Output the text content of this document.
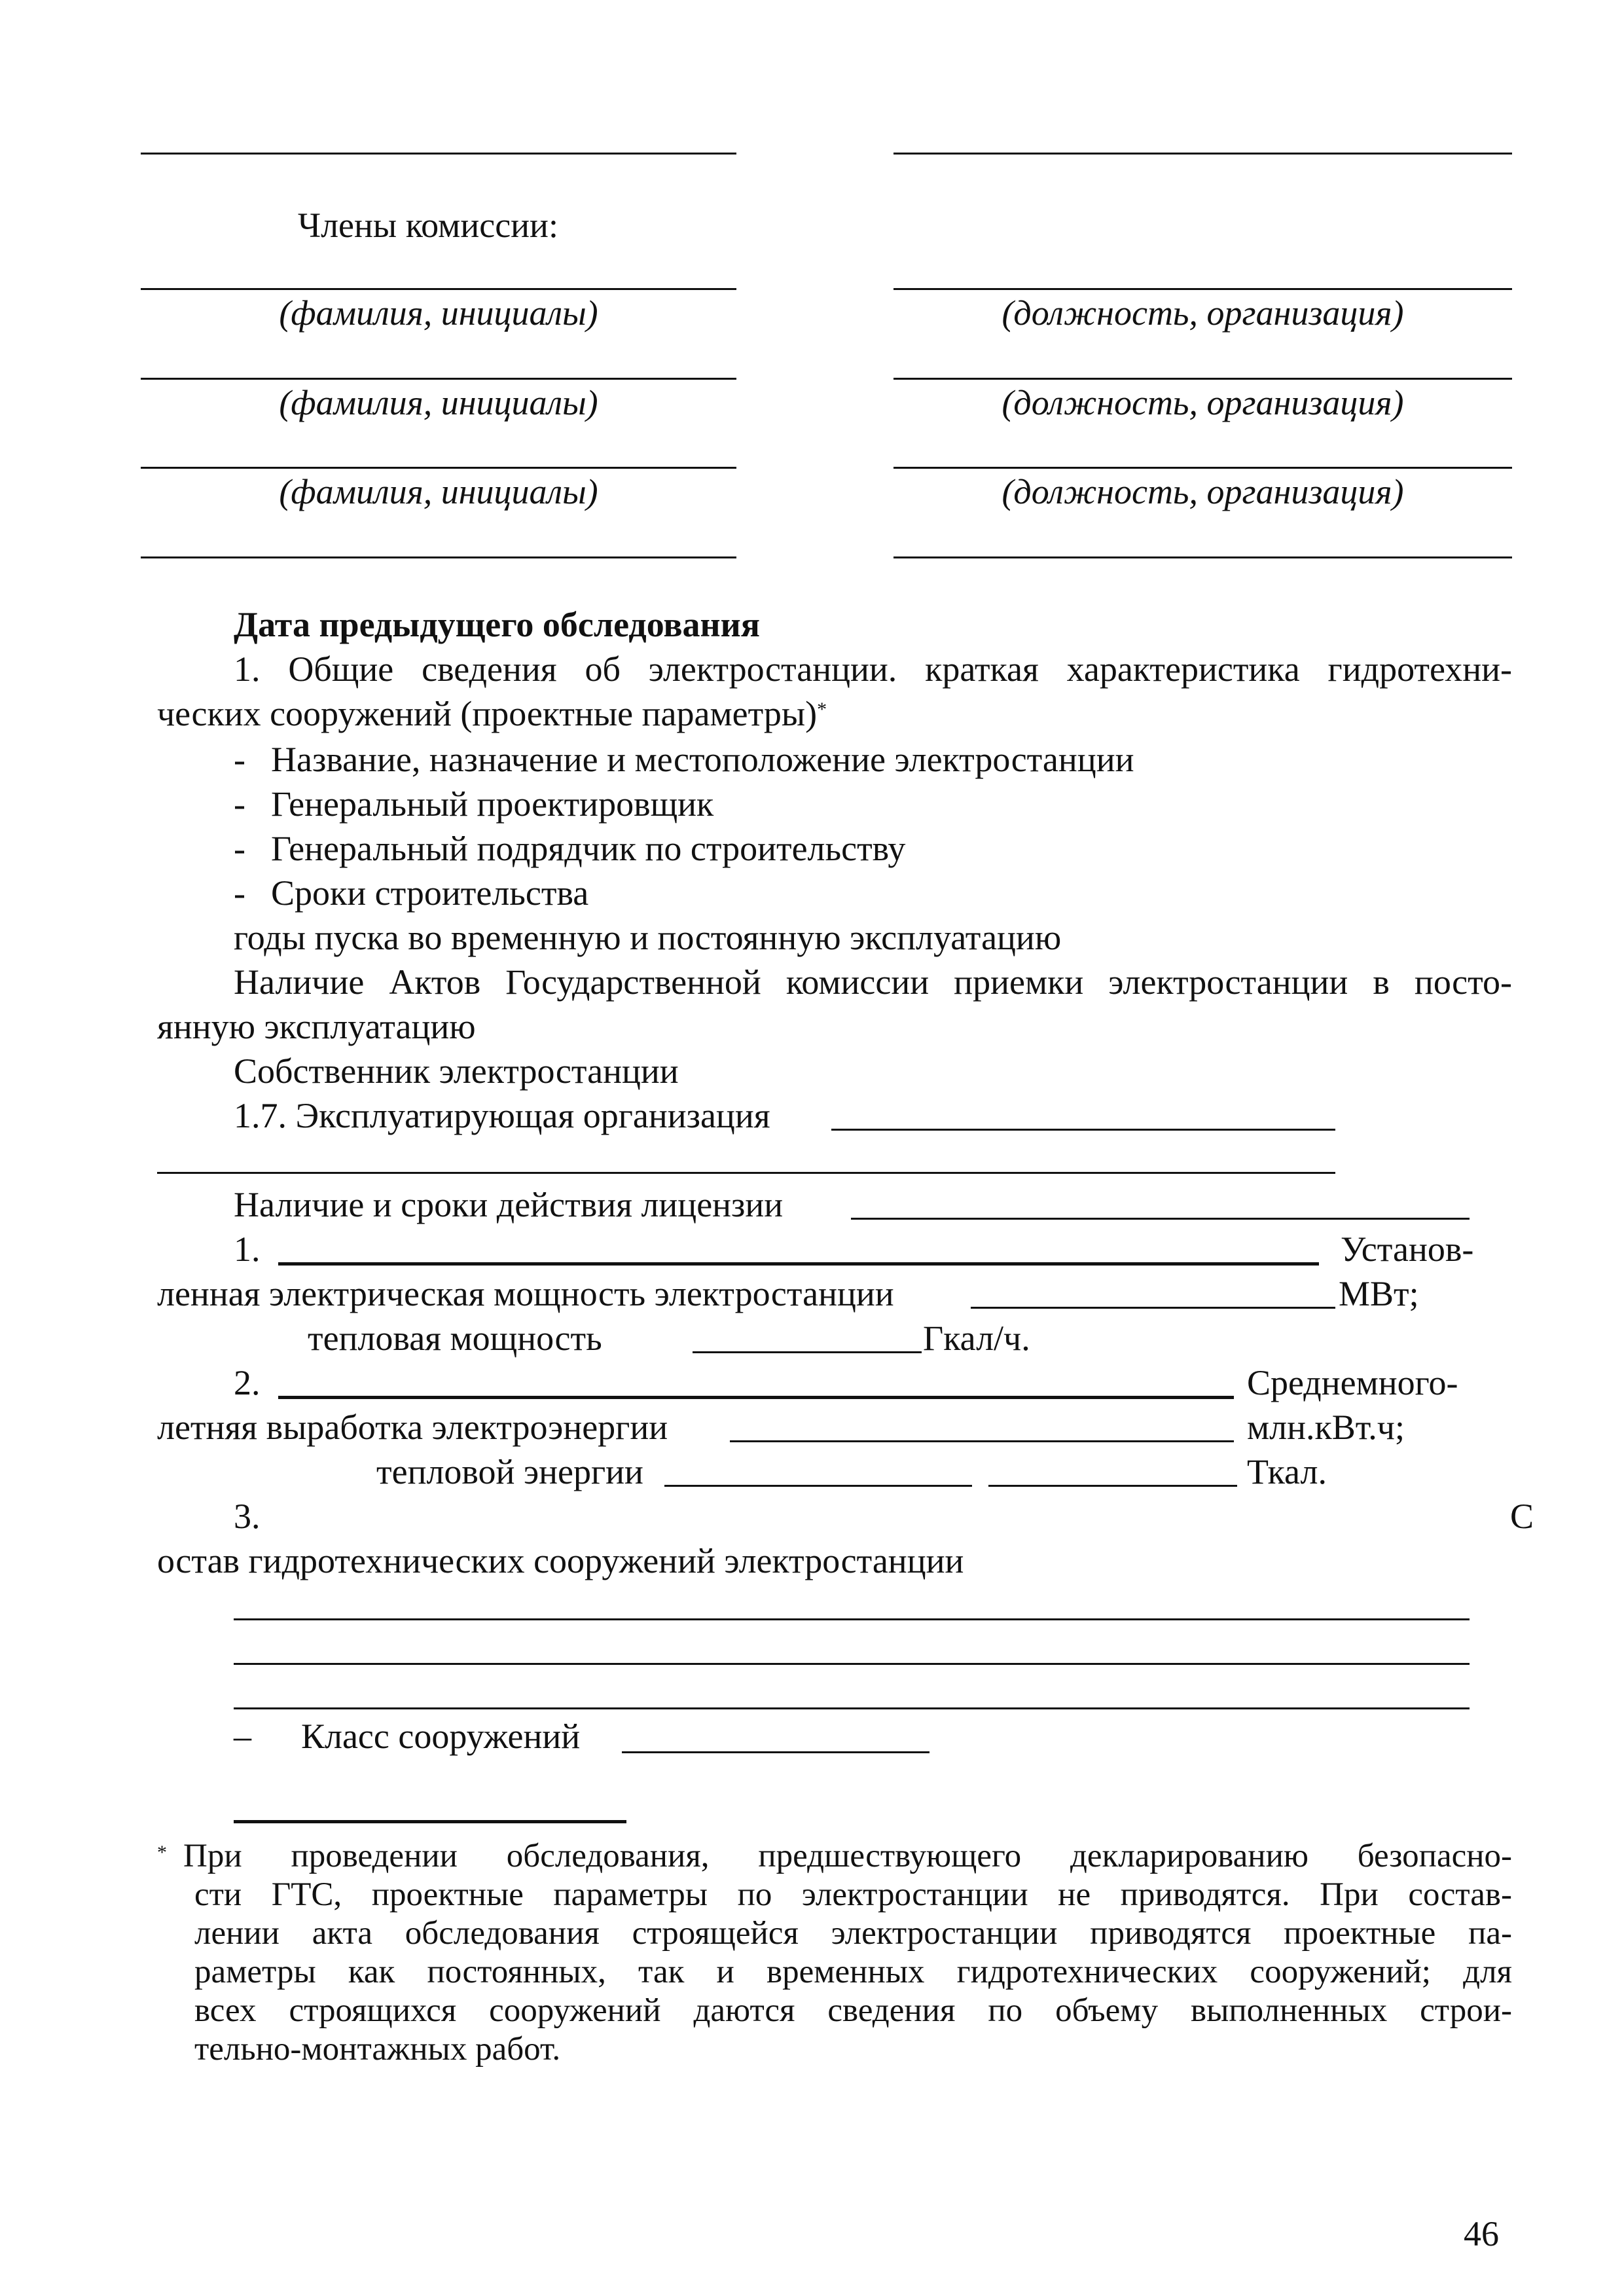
Члены комиссии:
(фамилия, инициалы)	(должность, организация)
(фамилия, инициалы)	(должность, организация)
(фамилия, инициалы)	(должность, организация)
Дата предыдущего обследования
1. Общие сведения об электростанции. краткая характеристика гидротехни-
ческих сооружений (проектные параметры)*
- Название, назначение и местоположение электростанции
- Генеральный проектировщик
- Генеральный подрядчик по строительству
- Сроки строительства
годы пуска во временную и постоянную эксплуатацию
Наличие Актов Государственной комиссии приемки электростанции в посто-
янную эксплуатацию
Собственник электростанции
1.7. Эксплуатирующая организация
Наличие и сроки действия лицензии
1.	Установ-
ленная электрическая мощность электростанции	МВт;
тепловая мощность	Гкал/ч.
2.	Среднемного-
летняя выработка электроэнергии	млн.кВт.ч;
тепловой энергии	Ткал.
3.	С
остав гидротехнических сооружений электростанции
– Класс сооружений
* При проведении обследования, предшествующего декларированию безопасно-
сти ГТС, проектные параметры по электростанции не приводятся. При состав-
лении акта обследования строящейся электростанции приводятся проектные па-
раметры как постоянных, так и временных гидротехнических сооружений; для
всех строящихся сооружений даются сведения по объему выполненных строи-
тельно-монтажных работ.
46
